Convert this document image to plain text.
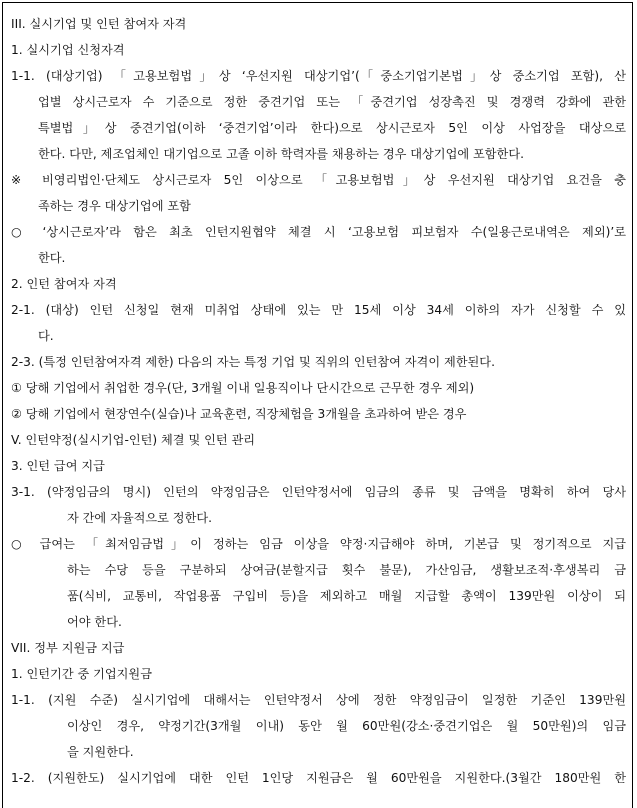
III. 실시기업 및 인턴 참여자 자격
1. 실시기업 신청자격
1-1. (대상기업) 「고용보험법」상 ‘우선지원 대상기업’(「중소기업기본법」상 중소기업 포함), 산
업별 상시근로자 수 기준으로 정한 중견기업 또는 「중견기업 성장촉진 및 경쟁력 강화에 관한
특별법」상 중견기업(이하 ‘중견기업’이라 한다)으로 상시근로자 5인 이상 사업장을 대상으로
한다. 다만, 제조업체인 대기업으로 고졸 이하 학력자를 채용하는 경우 대상기업에 포함한다.
※ 비영리법인·단체도 상시근로자 5인 이상으로 「고용보험법」상 우선지원 대상기업 요건을 충
족하는 경우 대상기업에 포함
○ ‘상시근로자’라 함은 최초 인턴지원협약 체결 시 ‘고용보험 피보험자 수(일용근로내역은 제외)’로
한다.
2. 인턴 참여자 자격
2-1. (대상) 인턴 신청일 현재 미취업 상태에 있는 만 15세 이상 34세 이하의 자가 신청할 수 있
다.
2-3. (특정 인턴참여자격 제한) 다음의 자는 특정 기업 및 직위의 인턴참여 자격이 제한된다.
① 당해 기업에서 취업한 경우(단, 3개월 이내 일용직이나 단시간으로 근무한 경우 제외)
② 당해 기업에서 현장연수(실습)나 교육훈련, 직장체험을 3개월을 초과하여 받은 경우
V. 인턴약정(실시기업-인턴) 체결 및 인턴 관리
3. 인턴 급여 지급
3-1. (약정임금의 명시) 인턴의 약정임금은 인턴약정서에 임금의 종류 및 금액을 명확히 하여 당사
자 간에 자율적으로 정한다.
○ 급여는 「최저임금법」이 정하는 임금 이상을 약정·지급해야 하며, 기본급 및 정기적으로 지급
하는 수당 등을 구분하되 상여금(분할지급 횟수 불문), 가산임금, 생활보조적·후생복리 금
품(식비, 교통비, 작업용품 구입비 등)을 제외하고 매월 지급할 총액이 139만원 이상이 되
어야 한다.
VII. 정부 지원금 지급
1. 인턴기간 중 기업지원금
1-1. (지원 수준) 실시기업에 대해서는 인턴약정서 상에 정한 약정임금이 일정한 기준인 139만원
이상인 경우, 약정기간(3개월 이내) 동안 월 60만원(강소·중견기업은 월 50만원)의 임금
을 지원한다.
1-2. (지원한도) 실시기업에 대한 인턴 1인당 지원금은 월 60만원을 지원한다.(3월간 180만원 한
